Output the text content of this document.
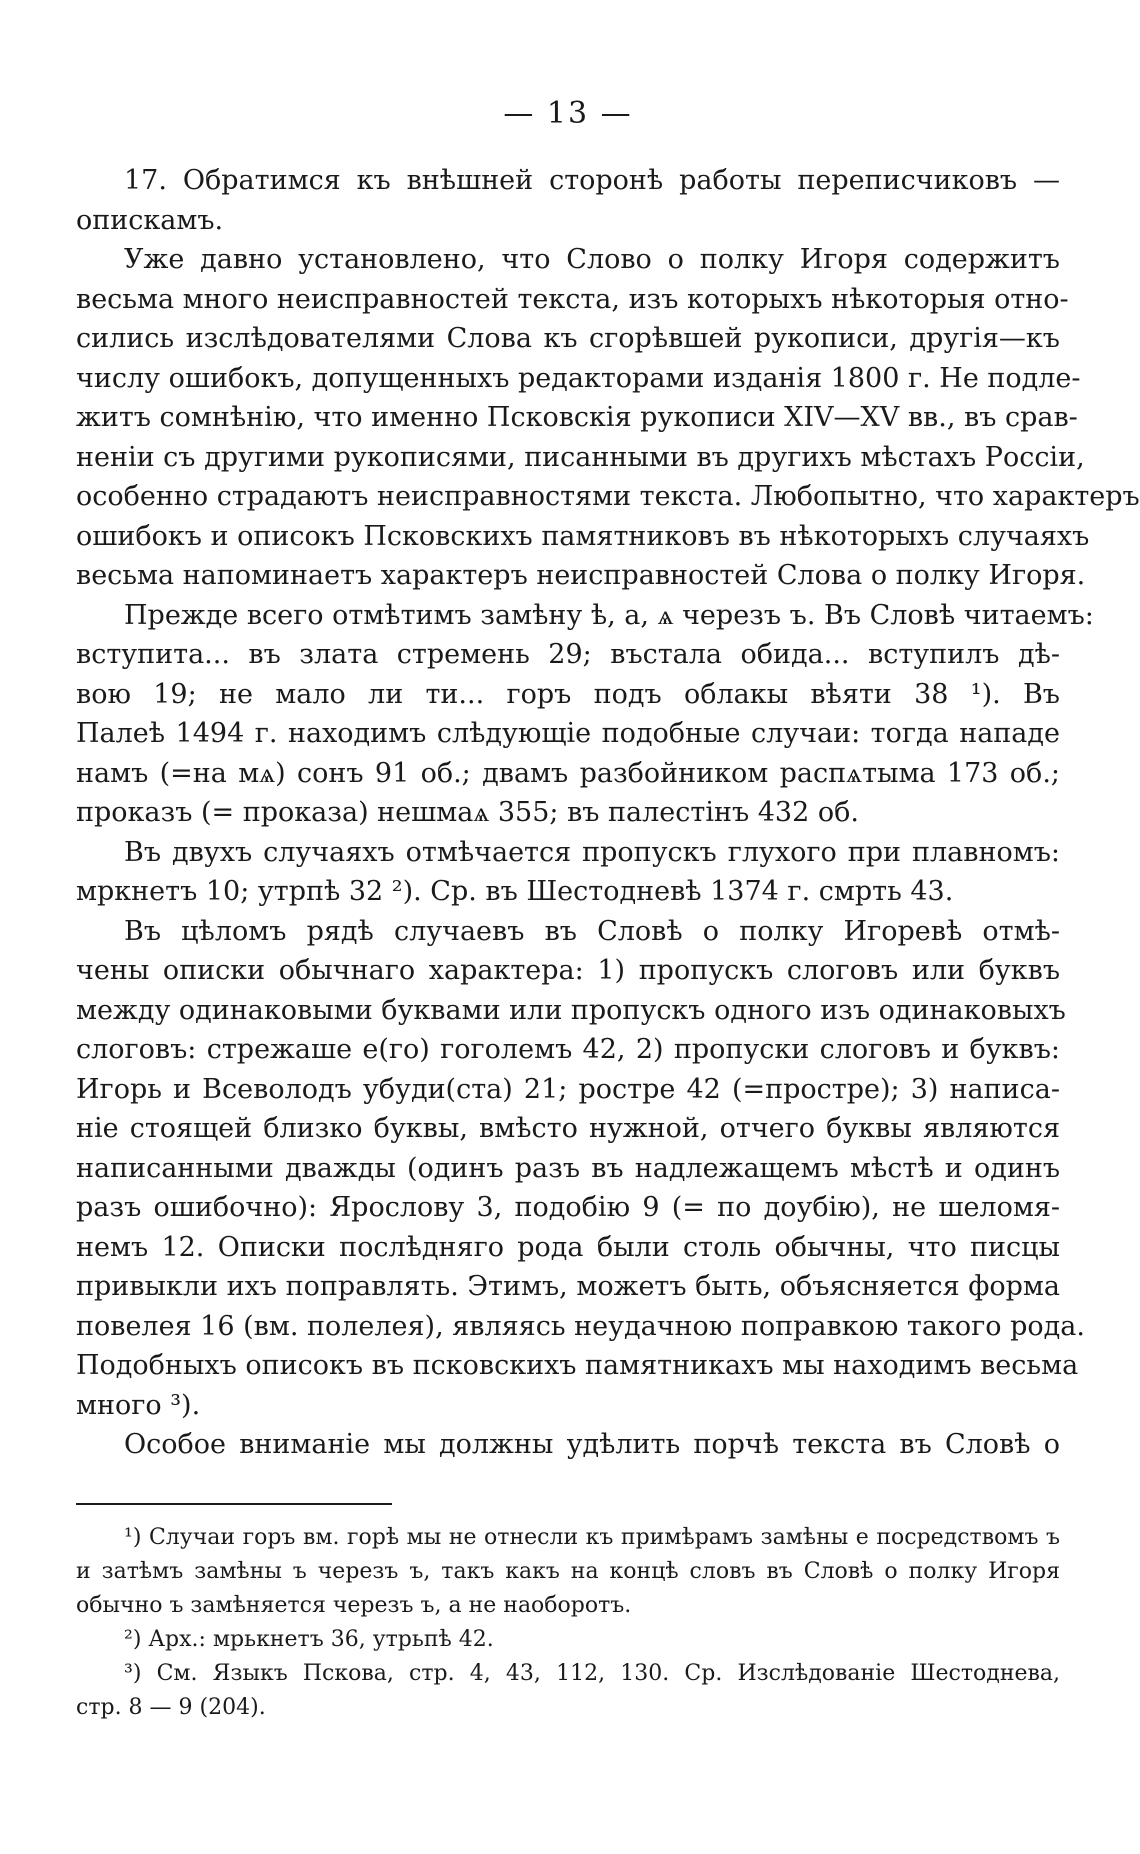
— 13 —
17. Обратимся къ внѣшней сторонѣ работы переписчиковъ —
опискамъ.
Уже давно установлено, что Слово о полку Игоря содержитъ
весьма много неисправностей текста, изъ которыхъ нѣкоторыя отно-
сились изслѣдователями Слова къ сгорѣвшей рукописи, другія—къ
числу ошибокъ, допущенныхъ редакторами изданія 1800 г. Не подле-
житъ сомнѣнію, что именно Псковскія рукописи XIV—XV вв., въ срав-
неніи съ другими рукописями, писанными въ другихъ мѣстахъ Россіи,
особенно страдаютъ неисправностями текста. Любопытно, что характеръ
ошибокъ и описокъ Псковскихъ памятниковъ въ нѣкоторыхъ случаяхъ
весьма напоминаетъ характеръ неисправностей Слова о полку Игоря.
Прежде всего отмѣтимъ замѣну ѣ, а, ѧ черезъ ъ. Въ Словѣ читаемъ:
вступита... въ злата стремень 29; въстала обида... вступилъ дѣ-
вою 19; не мало ли ти... горъ подъ облакы вѣяти 38 ¹). Въ
Палеѣ 1494 г. находимъ слѣдующіе подобные случаи: тогда нападе
намъ (=на мѧ) сонъ 91 об.; двамъ разбойником распѧтыма 173 об.;
проказъ (= проказа) нешмаѧ 355; въ палестінъ 432 об.
Въ двухъ случаяхъ отмѣчается пропускъ глухого при плавномъ:
мркнетъ 10; утрпѣ 32 ²). Ср. въ Шестодневѣ 1374 г. смрть 43.
Въ цѣломъ рядѣ случаевъ въ Словѣ о полку Игоревѣ отмѣ-
чены описки обычнаго характера: 1) пропускъ слоговъ или буквъ
между одинаковыми буквами или пропускъ одного изъ одинаковыхъ
слоговъ: стрежаше е(го) гоголемъ 42, 2) пропуски слоговъ и буквъ:
Игорь и Всеволодъ убуди(ста) 21; ростре 42 (=простре); 3) написа-
ніе стоящей близко буквы, вмѣсто нужной, отчего буквы являются
написанными дважды (одинъ разъ въ надлежащемъ мѣстѣ и одинъ
разъ ошибочно): Ярослову 3, подобію 9 (= по доубію), не шеломя-
немъ 12. Описки послѣдняго рода были столь обычны, что писцы
привыкли ихъ поправлять. Этимъ, можетъ быть, объясняется форма
повелея 16 (вм. полелея), являясь неудачною поправкою такого рода.
Подобныхъ описокъ въ псковскихъ памятникахъ мы находимъ весьма
много ³).
Особое вниманіе мы должны удѣлить порчѣ текста въ Словѣ о
¹) Случаи горъ вм. горѣ мы не отнесли къ примѣрамъ замѣны е посредствомъ ъ
и затѣмъ замѣны ъ черезъ ъ, такъ какъ на концѣ словъ въ Словѣ о полку Игоря
обычно ъ замѣняется черезъ ъ, а не наоборотъ.
²) Арх.: мрькнетъ 36, утрьпѣ 42.
³) См. Языкъ Пскова, стр. 4, 43, 112, 130. Ср. Изслѣдованіе Шестоднева,
стр. 8 — 9 (204).
